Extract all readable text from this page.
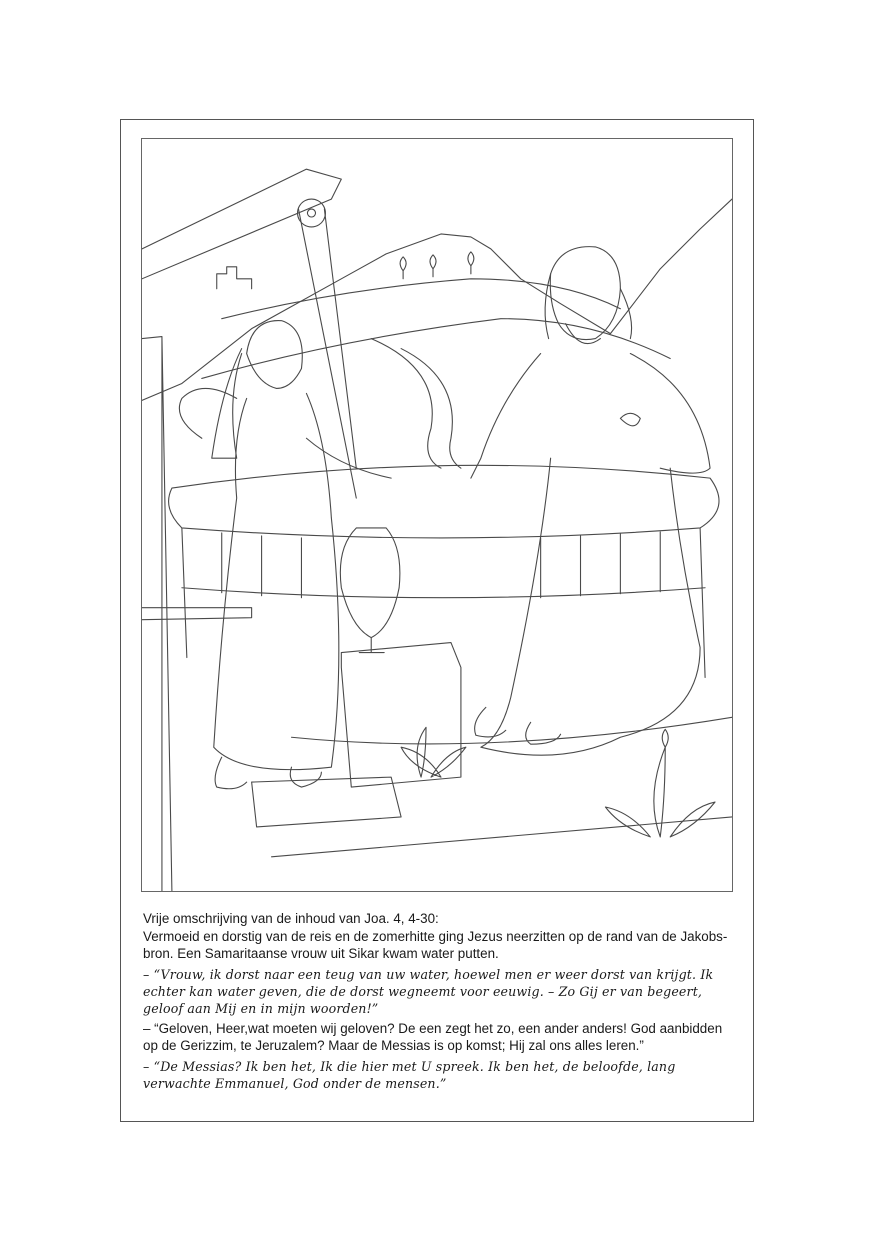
Vrije omschrijving van de inhoud van Joa. 4, 4-30:

Vermoeid en dorstig van de reis en de zomerhitte ging Jezus neerzitten op de rand van de Jakobs-bron. Een Samaritaanse vrouw uit Sikar kwam water putten.

– “Vrouw, ik dorst naar een teug van uw water, hoewel men er weer dorst van krijgt. Ik echter kan water geven, die de dorst wegneemt voor eeuwig. – Zo Gij er van begeert, geloof aan Mij en in mijn woorden!”

– “Geloven, Heer,wat moeten wij geloven? De een zegt het zo, een ander anders! God aanbidden op de Gerizzim, te Jeruzalem? Maar de Messias is op komst; Hij zal ons alles leren.”

– “De Messias? Ik ben het, Ik die hier met U spreek. Ik ben het, de beloofde, lang verwachte Emmanuel, God onder de mensen.”
